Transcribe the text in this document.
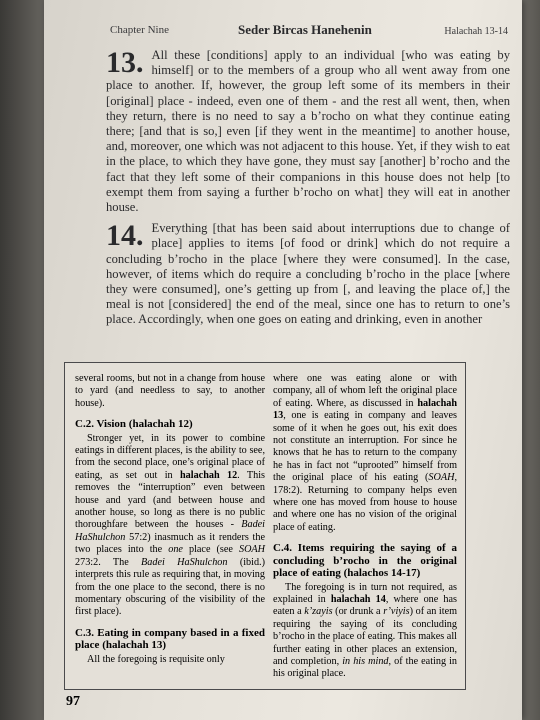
Chapter Nine	Seder Bircas Hanehenin	Halachah 13-14

13. All these [conditions] apply to an individual [who was eating by himself] or to the members of a group who all went away from one place to another. If, however, the group left some of its members in their [original] place - indeed, even one of them - and the rest all went, then, when they return, there is no need to say a b’rocho on what they continue eating there; [and that is so,] even [if they went in the meantime] to another house, and, moreover, one which was not adjacent to this house. Yet, if they wish to eat in the place, to which they have gone, they must say [another] b’rocho and the fact that they left some of their companions in this house does not help [to exempt them from saying a further b’rocho on what] they will eat in another house.

14. Everything [that has been said about interruptions due to change of place] applies to items [of food or drink] which do not require a concluding b’rocho in the place [where they were consumed]. In the case, however, of items which do require a concluding b’rocho in the place [where they were consumed], one’s getting up from [, and leaving the place of,] the meal is not [considered] the end of the meal, since one has to return to one’s place. Accordingly, when one goes on eating and drinking, even in another

several rooms, but not in a change from house to yard (and needless to say, to another house).
C.2. Vision (halachah 12)
Stronger yet, in its power to combine eatings in different places, is the ability to see, from the second place, one’s original place of eating, as set out in halachah 12. This removes the “interruption” even between house and yard (and between house and another house, so long as there is no public thoroughfare between the houses - Badei HaShulchon 57:2) inasmuch as it renders the two places into the one place (see SOAH 273:2. The Badei HaShulchon (ibid.) interprets this rule as requiring that, in moving from the one place to the second, there is no momentary obscuring of the visibility of the first place).
C.3. Eating in company based in a fixed place (halachah 13)
All the foregoing is requisite only
where one was eating alone or with company, all of whom left the original place of eating. Where, as discussed in halachah 13, one is eating in company and leaves some of it when he goes out, his exit does not constitute an interruption. For since he knows that he has to return to the company he has in fact not “uprooted” himself from the original place of his eating (SOAH, 178:2). Returning to company helps even where one has moved from house to house and where one has no vision of the original place of eating.
C.4. Items requiring the saying of a concluding b’rocho in the original place of eating (halachos 14-17)
The foregoing is in turn not required, as explained in halachah 14, where one has eaten a k’zayis (or drunk a r’viyis) of an item requiring the saying of its concluding b’rocho in the place of eating. This makes all further eating in other places an extension, and completion, in his mind, of the eating in his original place.
97
